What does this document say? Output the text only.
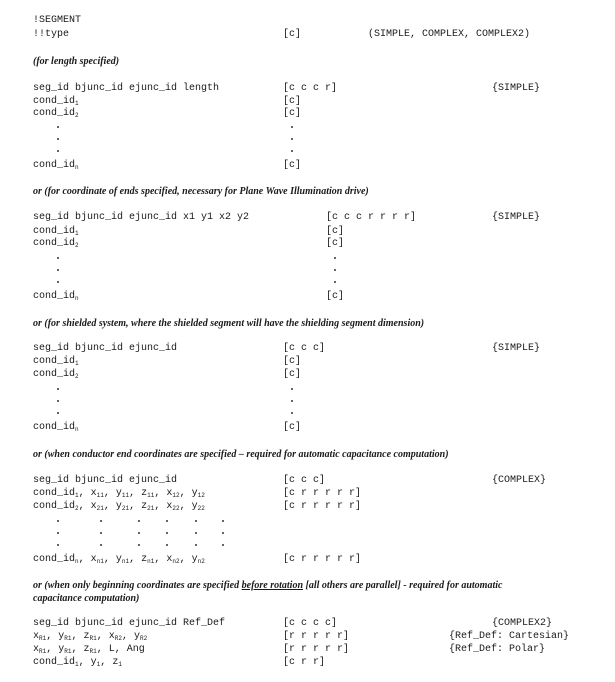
!SEGMENT
!!type	[c]	(SIMPLE, COMPLEX, COMPLEX2)
(for length specified)
seg_id bjunc_id ejunc_id length	[c c c r]	{SIMPLE}
$cond\_id_1$	[c]
$cond\_id_2$	[c]
$cond\_id_n$	[c]
or (for coordinate of ends specified, necessary for Plane Wave Illumination drive)
seg_id bjunc_id ejunc_id x1 y1 x2 y2	[c c c r r r r]	{SIMPLE}
$cond\_id_1$	[c]
$cond\_id_2$	[c]
$cond\_id_n$	[c]
or (for shielded system, where the shielded segment will have the shielding segment dimension)
seg_id bjunc_id ejunc_id	[c c c]	{SIMPLE}
$cond\_id_1$	[c]
$cond\_id_2$	[c]
$cond\_id_n$	[c]
or (when conductor end coordinates are specified – required for automatic capacitance computation)
seg_id bjunc_id ejunc_id	[c c c]	{COMPLEX}
$cond\_id_1$, $x_{11}$, $y_{11}$, $z_{11}$, $x_{12}$, $y_{12}$	[c r r r r r]
$cond\_id_2$, $x_{21}$, $y_{21}$, $z_{21}$, $x_{22}$, $y_{22}$	[c r r r r r]
$cond\_id_n$, $x_{n1}$, $y_{n1}$, $z_{n1}$, $x_{n2}$, $y_{n2}$	[c r r r r r]
or (when only beginning coordinates are specified before rotation [all others are parallel] - required for automatic
capacitance computation)
seg_id bjunc_id ejunc_id Ref_Def	[c c c c]	{COMPLEX2}
$x_{R1}$, $y_{R1}$, $z_{R1}$, $x_{R2}$, $y_{R2}$	[r r r r r]	{Ref_Def: Cartesian}
$x_{R1}$, $y_{R1}$, $z_{R1}$, L, Ang	[r r r r r]	{Ref_Def: Polar}
$cond\_id_1$, $y_1$, $z_1$	[c r r]
